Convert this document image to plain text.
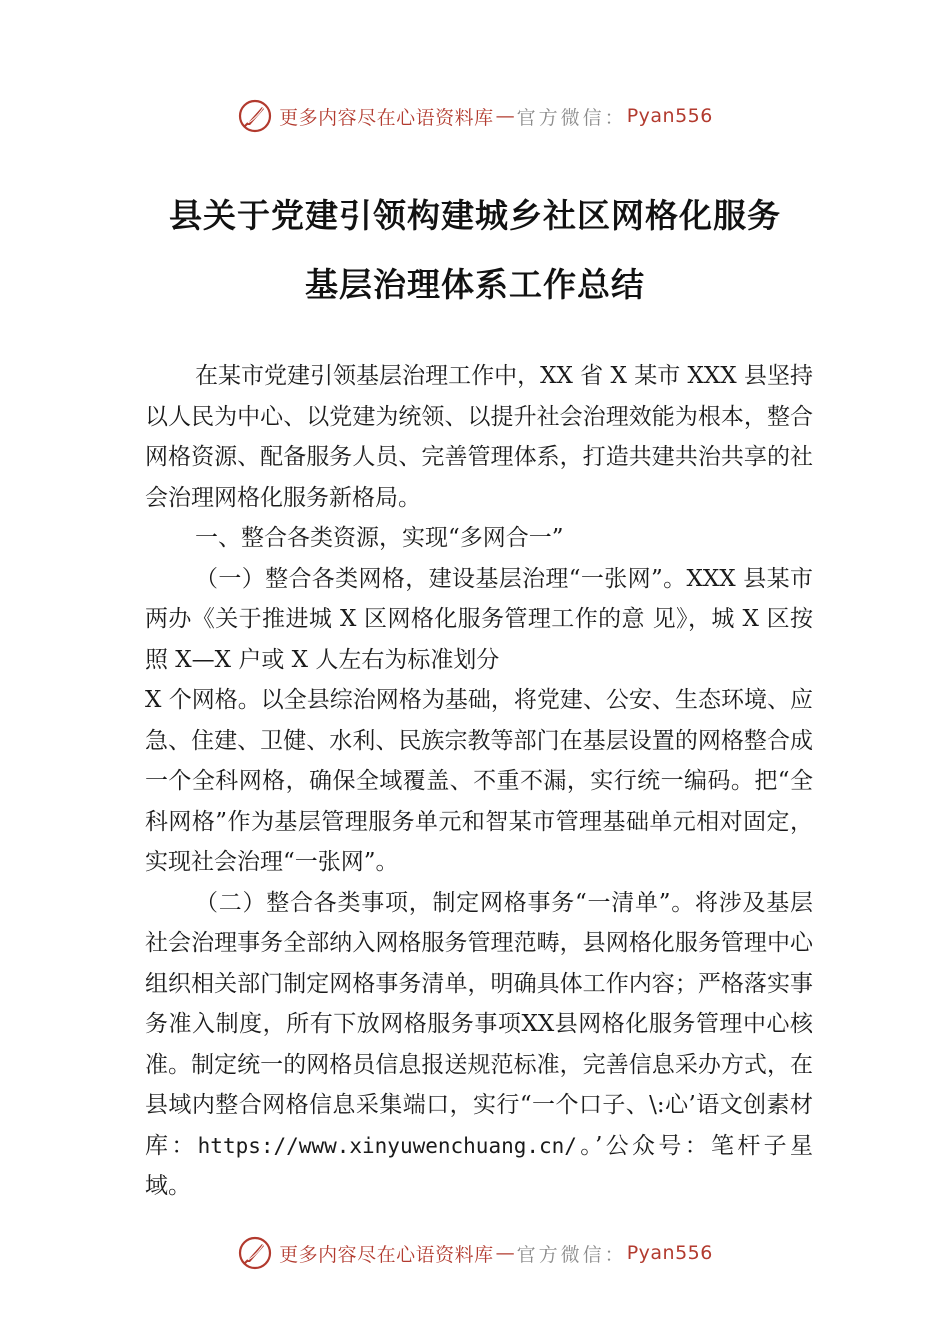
更多内容尽在心语资料库 — 官方微信： Pyan556
县关于党建引领构建城乡社区网格化服务
基层治理体系工作总结

在某市党建引领基层治理工作中，XX 省 X 某市 XXX 县坚持以人民为中心、以党建为统领、以提升社会治理效能为根本，整合网格资源、配备服务人员、完善管理体系，打造共建共治共享的社会治理网格化服务新格局。

一、整合各类资源，实现“多网合一”

（一）整合各类网格，建设基层治理“一张网”。XXX 县某市两办《关于推进城 X 区网格化服务管理工作的意 见》，城 X 区按照 X—X 户或 X 人左右为标准划分

X 个网格。以全县综治网格为基础，将党建、公安、生态环境、应急、住建、卫健、水利、民族宗教等部门在基层设置的网格整合成一个全科网格，确保全域覆盖、不重不漏，实行统一编码。把“全科网格”作为基层管理服务单元和智某市管理基础单元相对固定，实现社会治理“一张网”。

（二）整合各类事项，制定网格事务“一清单”。将涉及基层社会治理事务全部纳入网格服务管理范畴，县网格化服务管理中心组织相关部门制定网格事务清单，明确具体工作内容；严格落实事务准入制度，所有下放网格服务事项XX县网格化服务管理中心核准。制定统一的网格员信息报送规范标准，完善信息采办方式，在县域内整合网格信息采集端口，实行“一个口子、\:心’语文创素材库：https://www.xinyuwenchuang.cn/。’公众号：笔杆子星域。

更多内容尽在心语资料库 — 官方微信： Pyan556
